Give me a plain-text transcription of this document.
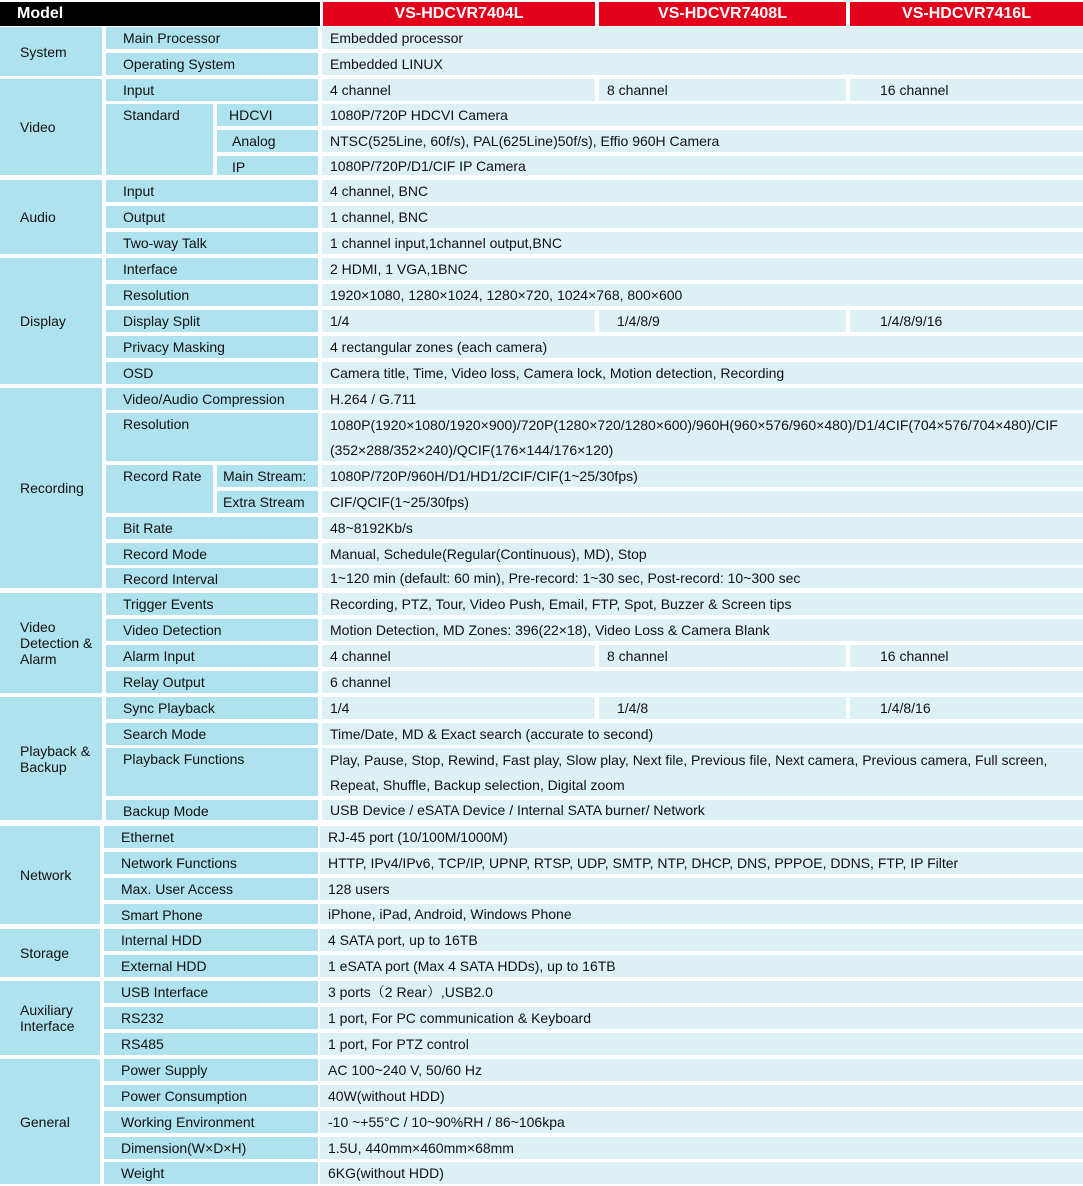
Model	VS-HDCVR7404L	VS-HDCVR7408L	VS-HDCVR7416L
System
Main Processor	Embedded processor
Operating System	Embedded LINUX
Video
Input	4 channel	8 channel	16 channel
Standard	HDCVI	1080P/720P HDCVI Camera
Analog	NTSC(525Line, 60f/s), PAL(625Line)50f/s), Effio 960H Camera
IP	1080P/720P/D1/CIF IP Camera
Audio
Input	4 channel, BNC
Output	1 channel, BNC
Two-way Talk	1 channel input,1channel output,BNC
Display
Interface	2 HDMI, 1 VGA,1BNC
Resolution	1920×1080, 1280×1024, 1280×720, 1024×768, 800×600
Display Split	1/4	1/4/8/9	1/4/8/9/16
Privacy Masking	4 rectangular zones (each camera)
OSD	Camera title, Time, Video loss, Camera lock, Motion detection, Recording
Recording
Video/Audio Compression	H.264 / G.711
Resolution	1080P(1920×1080/1920×900)/720P(1280×720/1280×600)/960H(960×576/960×480)/D1/4CIF(704×576/704×480)/CIF (352×288/352×240)/QCIF(176×144/176×120)
Record Rate	Main Stream:	1080P/720P/960H/D1/HD1/2CIF/CIF(1~25/30fps)
Extra Stream	CIF/QCIF(1~25/30fps)
Bit Rate	48~8192Kb/s
Record Mode	Manual, Schedule(Regular(Continuous), MD), Stop
Record Interval	1~120 min (default: 60 min), Pre-record: 1~30 sec, Post-record: 10~300 sec
Video Detection & Alarm
Trigger Events	Recording, PTZ, Tour, Video Push, Email, FTP, Spot, Buzzer & Screen tips
Video Detection	Motion Detection, MD Zones: 396(22×18), Video Loss & Camera Blank
Alarm Input	4 channel	8 channel	16 channel
Relay Output	6 channel
Playback & Backup
Sync Playback	1/4	1/4/8	1/4/8/16
Search Mode	Time/Date, MD & Exact search (accurate to second)
Playback Functions	Play, Pause, Stop, Rewind, Fast play, Slow play, Next file, Previous file, Next camera, Previous camera, Full screen, Repeat, Shuffle, Backup selection, Digital zoom
Backup Mode	USB Device / eSATA Device / Internal SATA burner/ Network
Network
Ethernet	RJ-45 port (10/100M/1000M)
Network Functions	HTTP, IPv4/IPv6, TCP/IP, UPNP, RTSP, UDP, SMTP, NTP, DHCP, DNS, PPPOE, DDNS, FTP, IP Filter
Max. User Access	128 users
Smart Phone	iPhone, iPad, Android, Windows Phone
Storage
Internal HDD	4 SATA port, up to 16TB
External HDD	1 eSATA port (Max 4 SATA HDDs), up to 16TB
Auxiliary Interface
USB Interface	3 ports（2 Rear）,USB2.0
RS232	1 port, For PC communication & Keyboard
RS485	1 port, For PTZ control
General
Power Supply	AC 100~240 V, 50/60 Hz
Power Consumption	40W(without HDD)
Working Environment	-10 ~+55°C / 10~90%RH / 86~106kpa
Dimension(W×D×H)	1.5U, 440mm×460mm×68mm
Weight	6KG(without HDD)
